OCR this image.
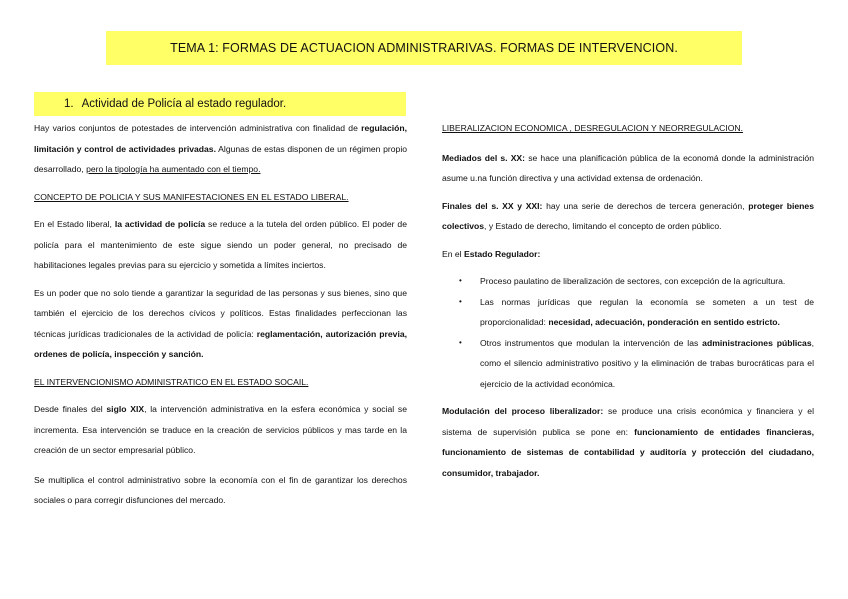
TEMA 1: FORMAS DE ACTUACION ADMINISTRARIVAS. FORMAS DE INTERVENCION.
1. Actividad de Policía al estado regulador.

Hay varios conjuntos de potestades de intervención administrativa con finalidad de regulación, limitación y control de actividades privadas. Algunas de estas disponen de un régimen propio desarrollado, pero la tipología ha aumentado con el tiempo.

CONCEPTO DE POLICIA Y SUS MANIFESTACIONES EN EL ESTADO LIBERAL.

En el Estado liberal, la actividad de policía se reduce a la tutela del orden público. El poder de policía para el mantenimiento de este sigue siendo un poder general, no precisado de habilitaciones legales previas para su ejercicio y sometida a límites inciertos.

Es un poder que no solo tiende a garantizar la seguridad de las personas y sus bienes, sino que también el ejercicio de los derechos cívicos y políticos. Estas finalidades perfeccionan las técnicas jurídicas tradicionales de la actividad de policía: reglamentación, autorización previa, ordenes de policía, inspección y sanción.

EL INTERVENCIONISMO ADMINISTRATICO EN EL ESTADO SOCAIL.

Desde finales del siglo XIX, la intervención administrativa en la esfera económica y social se incrementa. Esa intervención se traduce en la creación de servicios públicos y mas tarde en la creación de un sector empresarial público.

Se multiplica el control administrativo sobre la economía con el fin de garantizar los derechos sociales o para corregir disfunciones del mercado.

LIBERALIZACION ECONOMICA , DESREGULACION Y NEORREGULACION.

Mediados del s. XX: se hace una planificación pública de la economá donde la administración asume u.na función directiva y una actividad extensa de ordenación.

Finales del s. XX y XXI: hay una serie de derechos de tercera generación, proteger bienes colectivos, y Estado de derecho, limitando el concepto de orden público.

En el Estado Regulador:

• Proceso paulatino de liberalización de sectores, con excepción de la agricultura.
• Las normas jurídicas que regulan la economía se someten a un test de proporcionalidad: necesidad, adecuación, ponderación en sentido estricto.
• Otros instrumentos que modulan la intervención de las administraciones públicas, como el silencio administrativo positivo y la eliminación de trabas burocráticas para el ejercicio de la actividad económica.

Modulación del proceso liberalizador: se produce una crisis económica y financiera y el sistema de supervisión publica se pone en: funcionamiento de entidades financieras, funcionamiento de sistemas de contabilidad y auditoría y protección del ciudadano, consumidor, trabajador.
